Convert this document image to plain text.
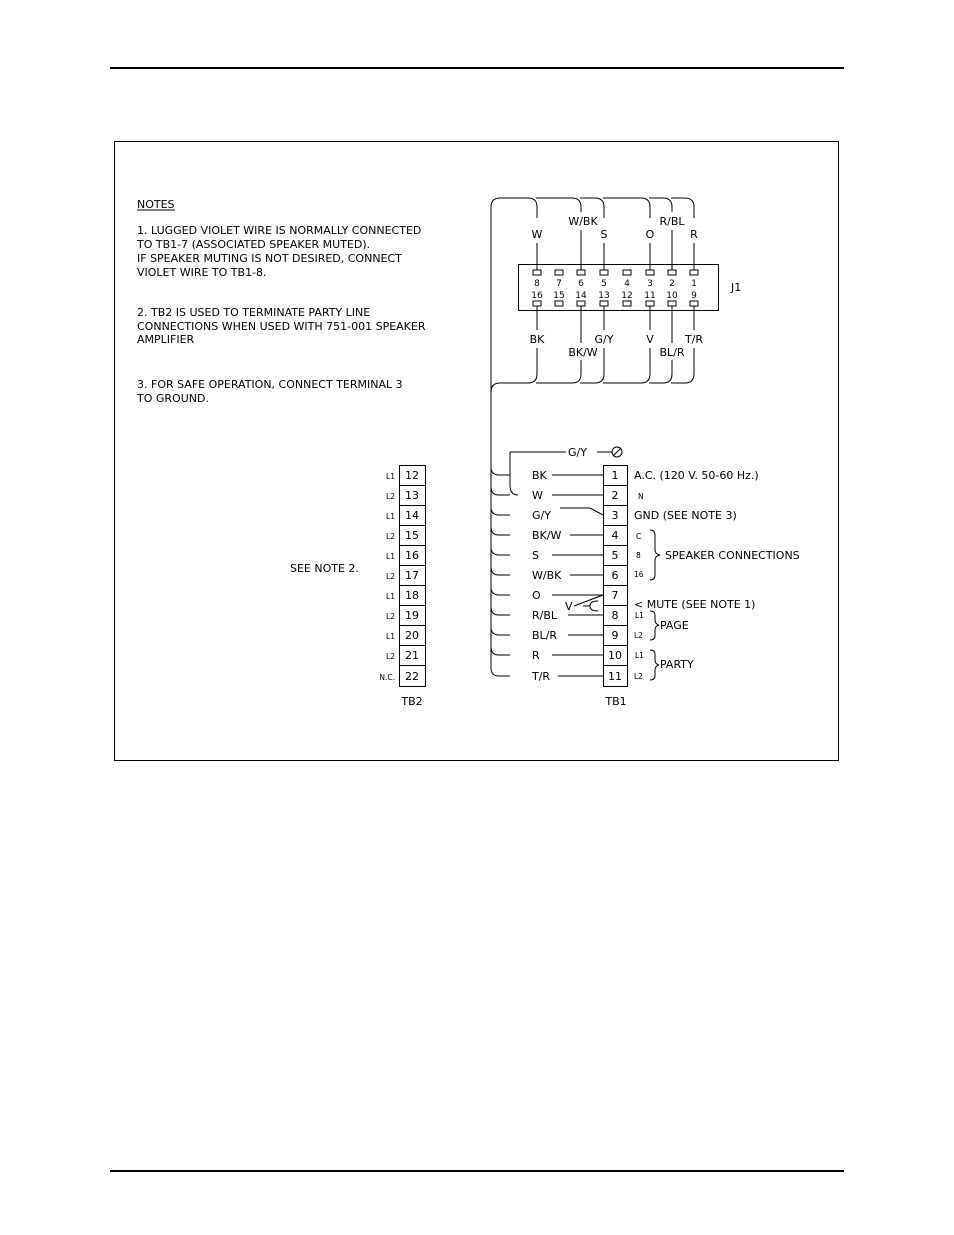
NOTES
1. LUGGED VIOLET WIRE IS NORMALLY CONNECTED
TO TB1-7 (ASSOCIATED SPEAKER MUTED).
IF SPEAKER MUTING IS NOT DESIRED, CONNECT
VIOLET WIRE TO TB1-8.
2. TB2 IS USED TO TERMINATE PARTY LINE
CONNECTIONS WHEN USED WITH 751-001 SPEAKER
AMPLIFIER
3. FOR SAFE OPERATION, CONNECT TERMINAL 3
TO GROUND.
J1
8 7 6 5 4 3 2 1
16 15 14 13 12 11 10 9
W
W/BK
S	O
R/BL
R
BK
BK/W
G/Y	V
BL/R
T/R
V
G/Y
BK
W
G/Y
BK/W
S
W/BK
O
R/BL
BL/R
R
T/R
1
2
3
4
5
6
7
8
9
10
11
TB1
N
C
8
16
L1
L2
L1
L2
A.C. (120 V. 50-60 Hz.)
GND (SEE NOTE 3)
SPEAKER CONNECTIONS
< MUTE (SEE NOTE 1)
PAGE
PARTY
12
13
14
15
16
17
18
19
20
21
22
TB2
L1
L2
L1
L2
L1
L2
L1
L2
L1
L2
N.C.
SEE NOTE 2.
